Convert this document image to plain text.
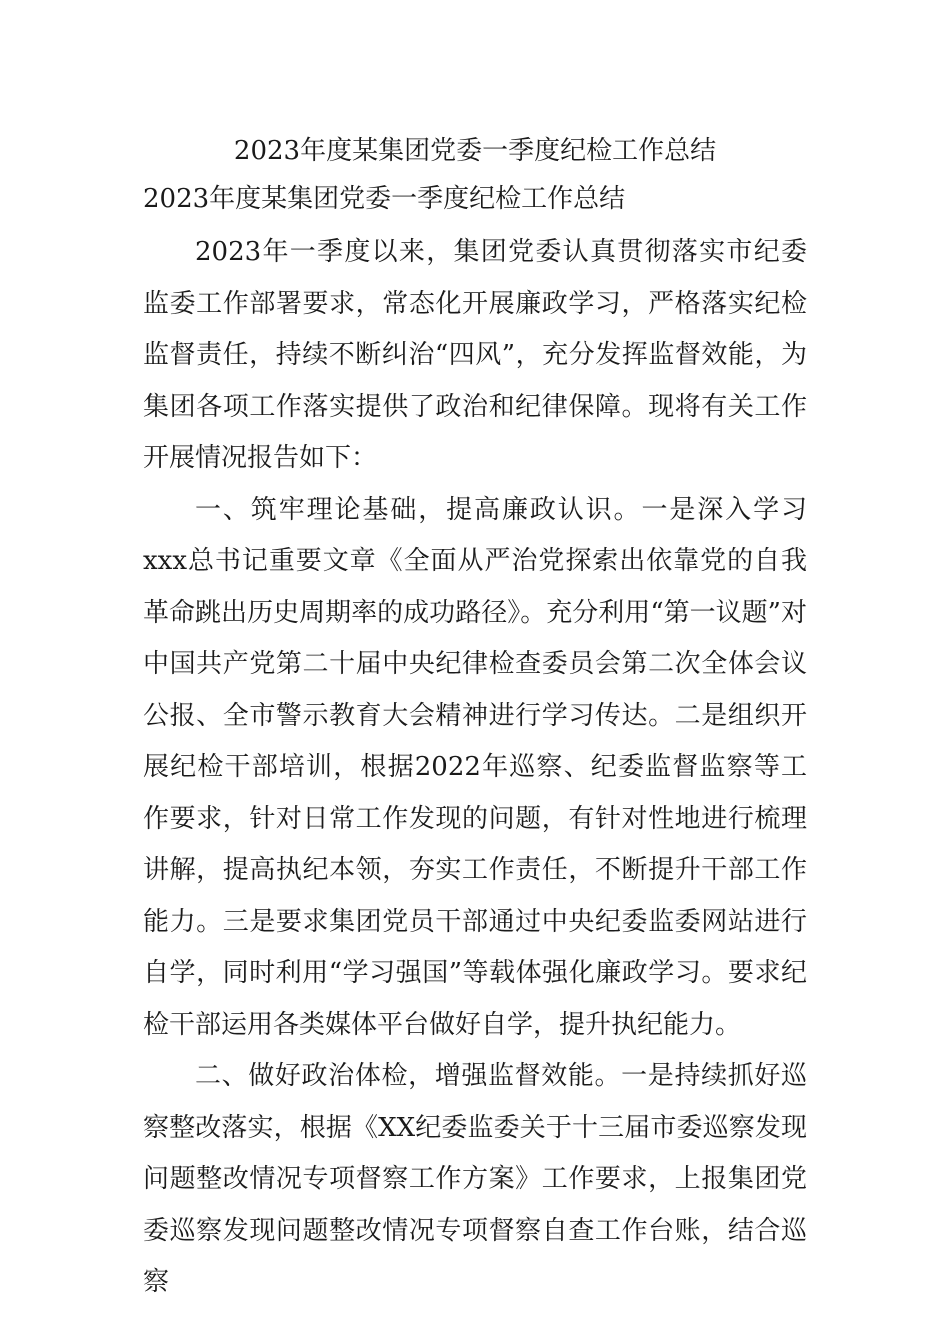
2023年度某集团党委一季度纪检工作总结
2023年度某集团党委一季度纪检工作总结

2023年一季度以来，集团党委认真贯彻落实市纪委监委工作部署要求，常态化开展廉政学习，严格落实纪检监督责任，持续不断纠治“四风”，充分发挥监督效能，为集团各项工作落实提供了政治和纪律保障。现将有关工作开展情况报告如下：

一、筑牢理论基础，提高廉政认识。一是深入学习xxx总书记重要文章《全面从严治党探索出依靠党的自我革命跳出历史周期率的成功路径》。充分利用“第一议题”对中国共产党第二十届中央纪律检查委员会第二次全体会议公报、全市警示教育大会精神进行学习传达。二是组织开展纪检干部培训，根据2022年巡察、纪委监督监察等工作要求，针对日常工作发现的问题，有针对性地进行梳理讲解，提高执纪本领，夯实工作责任，不断提升干部工作能力。三是要求集团党员干部通过中央纪委监委网站进行自学，同时利用“学习强国”等载体强化廉政学习。要求纪检干部运用各类媒体平台做好自学，提升执纪能力。

二、做好政治体检，增强监督效能。一是持续抓好巡察整改落实，根据《XX纪委监委关于十三届市委巡察发现问题整改情况专项督察工作方案》工作要求，上报集团党委巡察发现问题整改情况专项督察自查工作台账，结合巡察
